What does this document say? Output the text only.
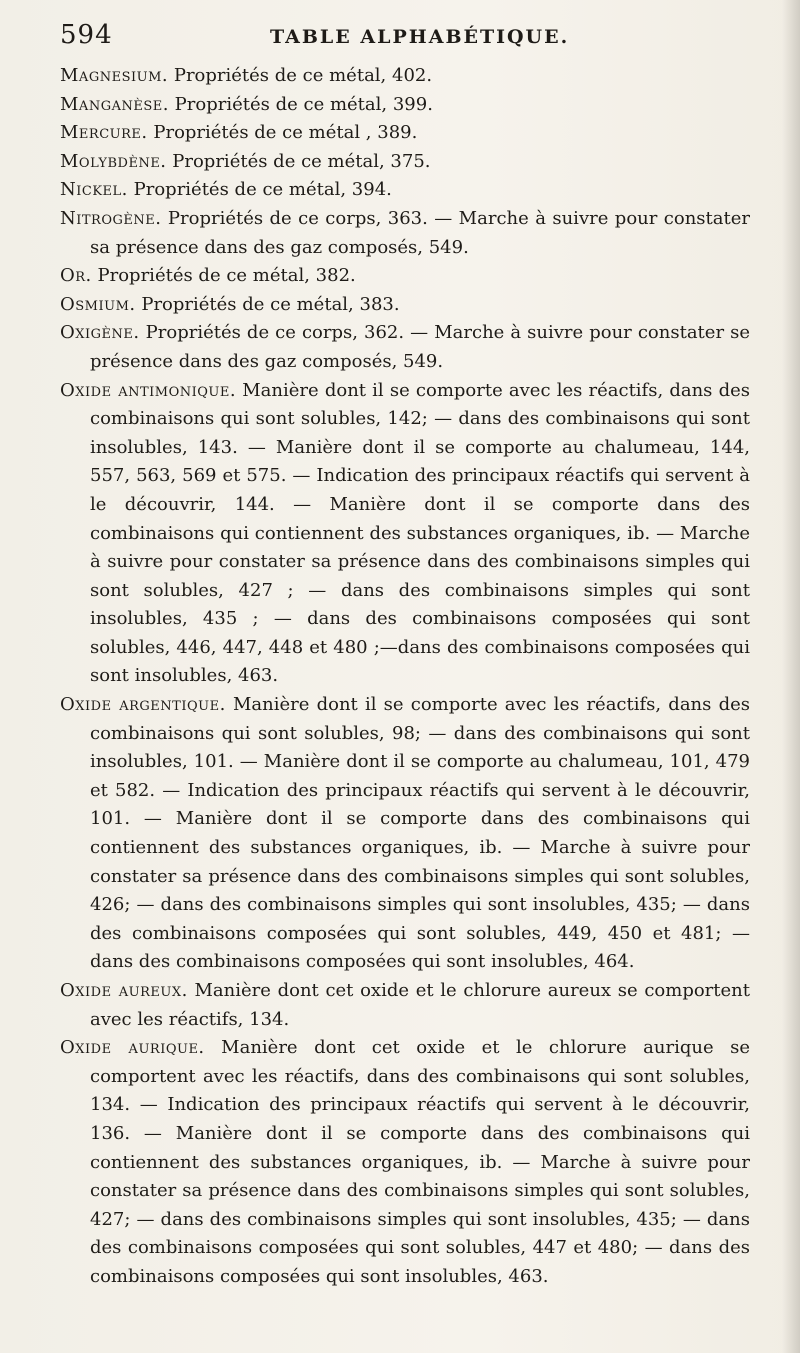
594	TABLE ALPHABÉTIQUE.

Magnesium. Propriétés de ce métal, 402.

Manganèse. Propriétés de ce métal, 399.

Mercure. Propriétés de ce métal , 389.

Molybdène. Propriétés de ce métal, 375.

Nickel. Propriétés de ce métal, 394.

Nitrogène. Propriétés de ce corps, 363. — Marche à suivre pour constater sa présence dans des gaz composés, 549.

Or. Propriétés de ce métal, 382.

Osmium. Propriétés de ce métal, 383.

Oxigène. Propriétés de ce corps, 362. — Marche à suivre pour constater se présence dans des gaz composés, 549.

Oxide antimonique. Manière dont il se comporte avec les réactifs, dans des combinaisons qui sont solubles, 142; — dans des combinaisons qui sont insolubles, 143. — Manière dont il se comporte au chalumeau, 144, 557, 563, 569 et 575. — Indication des principaux réactifs qui servent à le découvrir, 144. — Manière dont il se comporte dans des combinaisons qui contiennent des substances organiques, ib. — Marche à suivre pour constater sa présence dans des combinaisons simples qui sont solubles, 427 ; — dans des combinaisons simples qui sont insolubles, 435 ; — dans des combinaisons composées qui sont solubles, 446, 447, 448 et 480 ;—dans des combinaisons composées qui sont insolubles, 463.

Oxide argentique. Manière dont il se comporte avec les réactifs, dans des combinaisons qui sont solubles, 98; — dans des combinaisons qui sont insolubles, 101. — Manière dont il se comporte au chalumeau, 101, 479 et 582. — Indication des principaux réactifs qui servent à le découvrir, 101. — Manière dont il se comporte dans des combinaisons qui contiennent des substances organiques, ib. — Marche à suivre pour constater sa présence dans des combinaisons simples qui sont solubles, 426; — dans des combinaisons simples qui sont insolubles, 435; — dans des combinaisons composées qui sont solubles, 449, 450 et 481; — dans des combinaisons composées qui sont insolubles, 464.

Oxide aureux. Manière dont cet oxide et le chlorure aureux se comportent avec les réactifs, 134.

Oxide aurique. Manière dont cet oxide et le chlorure aurique se comportent avec les réactifs, dans des combinaisons qui sont solubles, 134. — Indication des principaux réactifs qui servent à le découvrir, 136. — Manière dont il se comporte dans des combinaisons qui contiennent des substances organiques, ib. — Marche à suivre pour constater sa présence dans des combinaisons simples qui sont solubles, 427; — dans des combinaisons simples qui sont insolubles, 435; — dans des combinaisons composées qui sont solubles, 447 et 480; — dans des combinaisons composées qui sont insolubles, 463.
